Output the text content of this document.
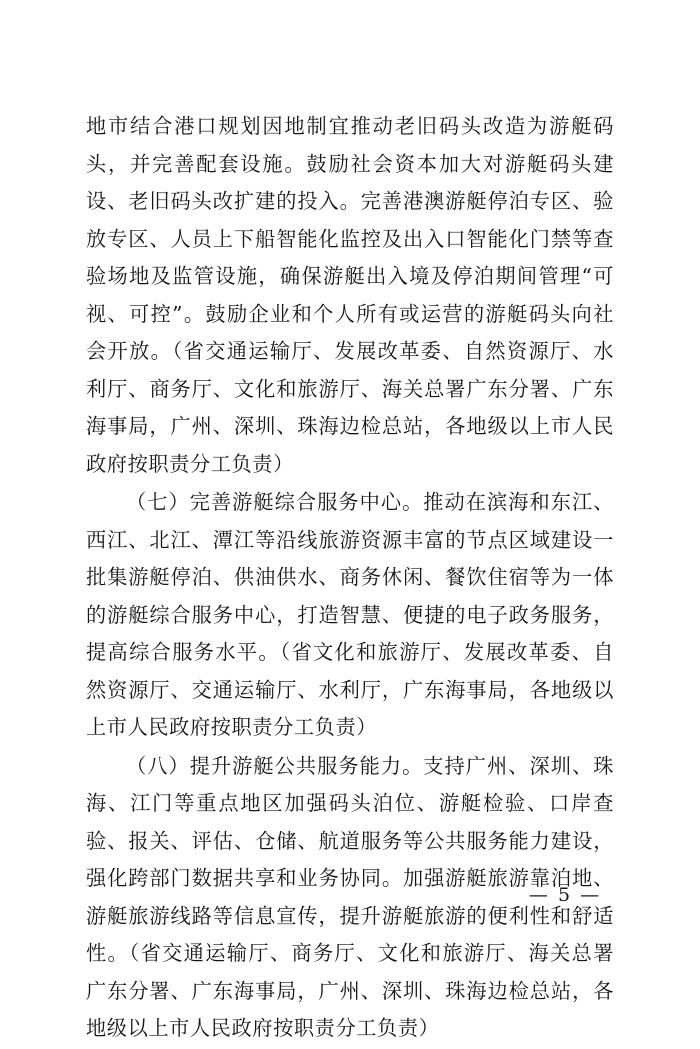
地市结合港口规划因地制宜推动老旧码头改造为游艇码头，并完善配套设施。鼓励社会资本加大对游艇码头建设、老旧码头改扩建的投入。完善港澳游艇停泊专区、验放专区、人员上下船智能化监控及出入口智能化门禁等查验场地及监管设施，确保游艇出入境及停泊期间管理“可视、可控”。鼓励企业和个人所有或运营的游艇码头向社会开放。（省交通运输厅、发展改革委、自然资源厅、水利厅、商务厅、文化和旅游厅、海关总署广东分署、广东海事局，广州、深圳、珠海边检总站，各地级以上市人民政府按职责分工负责）

（七）完善游艇综合服务中心。推动在滨海和东江、西江、北江、潭江等沿线旅游资源丰富的节点区域建设一批集游艇停泊、供油供水、商务休闲、餐饮住宿等为一体的游艇综合服务中心，打造智慧、便捷的电子政务服务，提高综合服务水平。（省文化和旅游厅、发展改革委、自然资源厅、交通运输厅、水利厅，广东海事局，各地级以上市人民政府按职责分工负责）

（八）提升游艇公共服务能力。支持广州、深圳、珠海、江门等重点地区加强码头泊位、游艇检验、口岸查验、报关、评估、仓储、航道服务等公共服务能力建设，强化跨部门数据共享和业务协同。加强游艇旅游靠泊地、游艇旅游线路等信息宣传，提升游艇旅游的便利性和舒适性。（省交通运输厅、商务厅、文化和旅游厅、海关总署广东分署、广东海事局，广州、深圳、珠海边检总站，各地级以上市人民政府按职责分工负责）

— 5 —
